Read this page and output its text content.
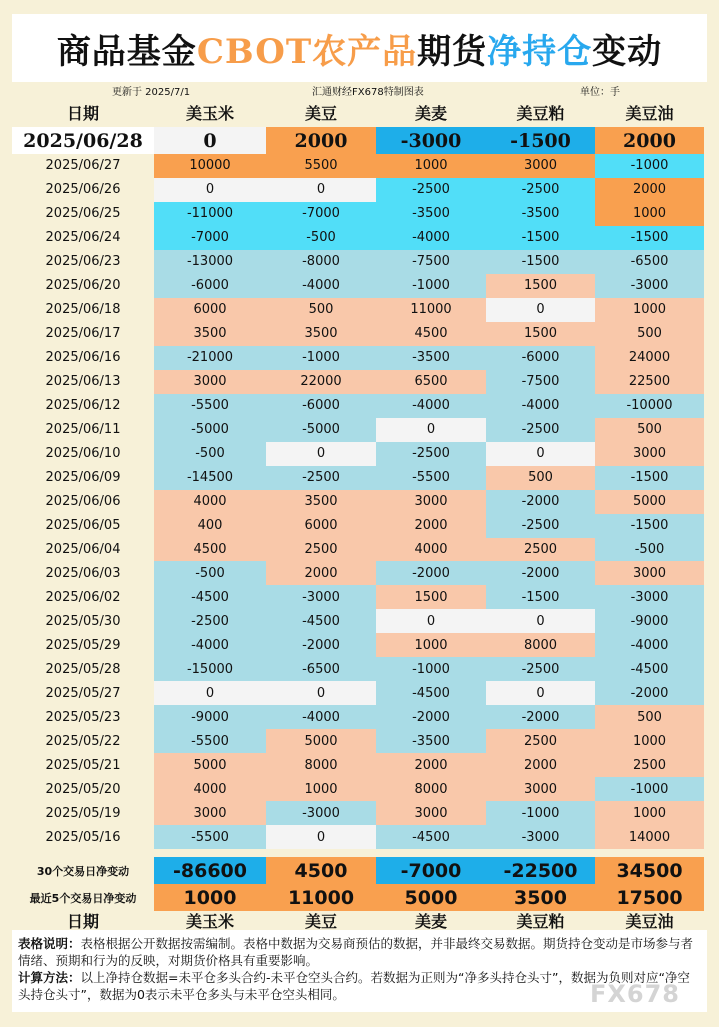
商品基金 CBOT农产品 期货 净持仓 变动
更新于 2025/7/1	汇通财经FX678特制图表	单位：手
日期	美玉米	美豆	美麦	美豆粕	美豆油
2025/06/28	0	2000	-3000	-1500	2000
2025/06/27	10000	5500	1000	3000	-1000
2025/06/26	0	0	-2500	-2500	2000
2025/06/25	-11000	-7000	-3500	-3500	1000
2025/06/24	-7000	-500	-4000	-1500	-1500
2025/06/23	-13000	-8000	-7500	-1500	-6500
2025/06/20	-6000	-4000	-1000	1500	-3000
2025/06/18	6000	500	11000	0	1000
2025/06/17	3500	3500	4500	1500	500
2025/06/16	-21000	-1000	-3500	-6000	24000
2025/06/13	3000	22000	6500	-7500	22500
2025/06/12	-5500	-6000	-4000	-4000	-10000
2025/06/11	-5000	-5000	0	-2500	500
2025/06/10	-500	0	-2500	0	3000
2025/06/09	-14500	-2500	-5500	500	-1500
2025/06/06	4000	3500	3000	-2000	5000
2025/06/05	400	6000	2000	-2500	-1500
2025/06/04	4500	2500	4000	2500	-500
2025/06/03	-500	2000	-2000	-2000	3000
2025/06/02	-4500	-3000	1500	-1500	-3000
2025/05/30	-2500	-4500	0	0	-9000
2025/05/29	-4000	-2000	1000	8000	-4000
2025/05/28	-15000	-6500	-1000	-2500	-4500
2025/05/27	0	0	-4500	0	-2000
2025/05/23	-9000	-4000	-2000	-2000	500
2025/05/22	-5500	5000	-3500	2500	1000
2025/05/21	5000	8000	2000	2000	2500
2025/05/20	4000	1000	8000	3000	-1000
2025/05/19	3000	-3000	3000	-1000	1000
2025/05/16	-5500	0	-4500	-3000	14000
30个交易日净变动	-86600	4500	-7000	-22500	34500
最近5个交易日净变动	1000	11000	5000	3500	17500
日期	美玉米	美豆	美麦	美豆粕	美豆油
表格说明：表格根据公开数据按需编制。表格中数据为交易商预估的数据，并非最终交易数据。期货持仓变动是市场参与者情绪、预期和行为的反映，对期货价格具有重要影响。
计算方法：以上净持仓数据=未平仓多头合约-未平仓空头合约。若数据为正则为“净多头持仓头寸”，数据为负则对应“净空头持仓头寸”，数据为0表示未平仓多头与未平仓空头相同。	FX678
